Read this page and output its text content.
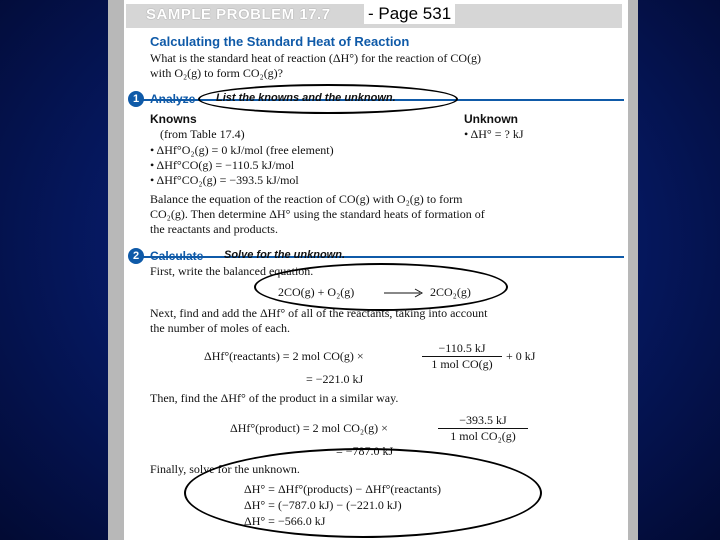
SAMPLE PROBLEM 17.7 - Page 531
Calculating the Standard Heat of Reaction
What is the standard heat of reaction (ΔH°) for the reaction of CO(g)
with O₂(g) to form CO₂(g)?
1 Analyze List the knowns and the unknown.
Knowns
(from Table 17.4)
• ΔHf°O₂(g) = 0 kJ/mol (free element)
• ΔHf°CO(g) = −110.5 kJ/mol
• ΔHf°CO₂(g) = −393.5 kJ/mol
Unknown
• ΔH° = ? kJ
Balance the equation of the reaction of CO(g) with O₂(g) to form
CO₂(g). Then determine ΔH° using the standard heats of formation of
the reactants and products.
2 Calculate Solve for the unknown.
First, write the balanced equation.
2CO(g) + O₂(g) → 2CO₂(g)
Next, find and add the ΔHf° of all of the reactants, taking into account
the number of moles of each.
ΔHf°(reactants) = 2 mol CO(g) ×
−110.5 kJ
1 mol CO(g)
+ 0 kJ
= −221.0 kJ
Then, find the ΔHf° of the product in a similar way.
ΔHf°(product) = 2 mol CO₂(g) ×
−393.5 kJ
1 mol CO₂(g)
= −787.0 kJ
Finally, solve for the unknown.
ΔH° = ΔHf°(products) − ΔHf°(reactants)
ΔH° = (−787.0 kJ) − (−221.0 kJ)
ΔH° = −566.0 kJ
